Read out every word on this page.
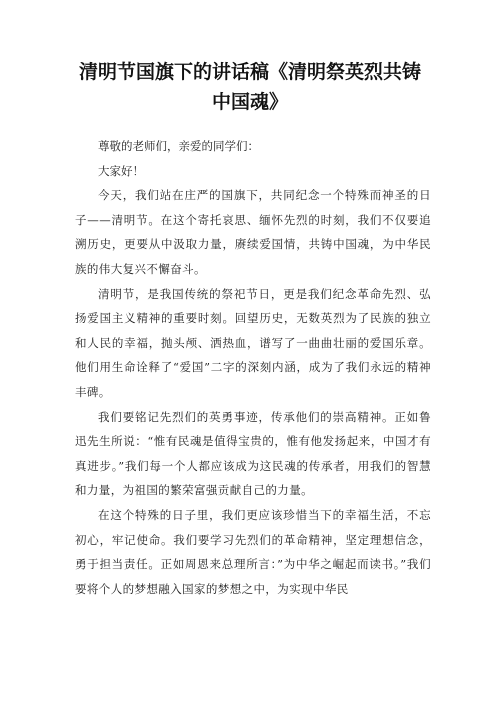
清明节国旗下的讲话稿《清明祭英烈共铸
中国魂》

尊敬的老师们，亲爱的同学们：

大家好！

今天，我们站在庄严的国旗下，共同纪念一个特殊而神圣的日子——清明节。在这个寄托哀思、缅怀先烈的时刻，我们不仅要追溯历史，更要从中汲取力量，赓续爱国情，共铸中国魂，为中华民族的伟大复兴不懈奋斗。

清明节，是我国传统的祭祀节日，更是我们纪念革命先烈、弘扬爱国主义精神的重要时刻。回望历史，无数英烈为了民族的独立和人民的幸福，抛头颅、洒热血，谱写了一曲曲壮丽的爱国乐章。他们用生命诠释了“爱国”二字的深刻内涵，成为了我们永远的精神丰碑。

我们要铭记先烈们的英勇事迹，传承他们的崇高精神。正如鲁迅先生所说：“惟有民魂是值得宝贵的，惟有他发扬起来，中国才有真进步。”我们每一个人都应该成为这民魂的传承者，用我们的智慧和力量，为祖国的繁荣富强贡献自己的力量。

在这个特殊的日子里，我们更应该珍惜当下的幸福生活，不忘初心，牢记使命。我们要学习先烈们的革命精神，坚定理想信念，勇于担当责任。正如周恩来总理所言：”为中华之崛起而读书。”我们要将个人的梦想融入国家的梦想之中，为实现中华民
